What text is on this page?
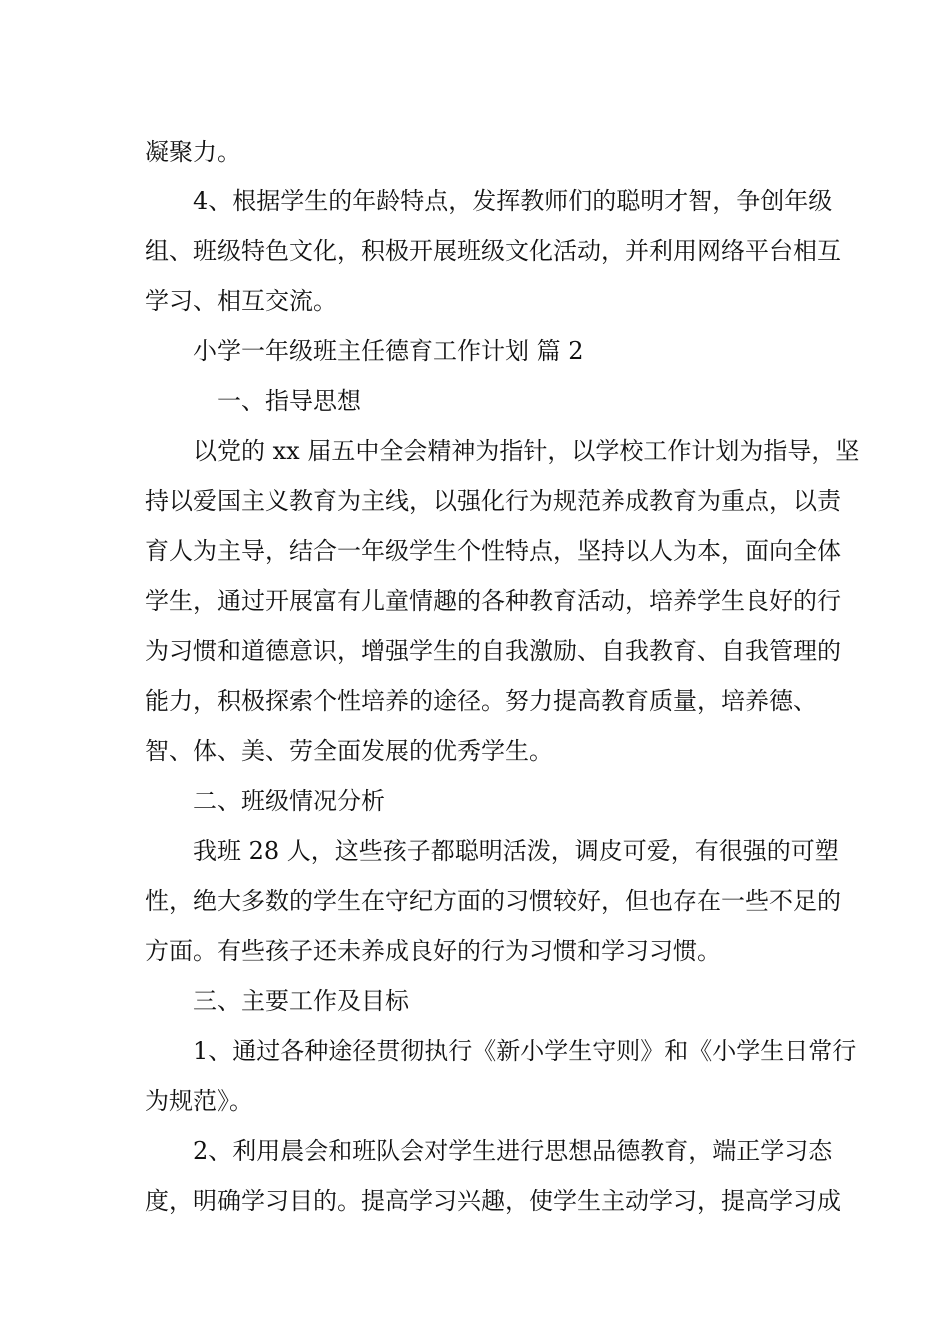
凝聚力。
4、根据学生的年龄特点，发挥教师们的聪明才智，争创年级
组、班级特色文化，积极开展班级文化活动，并利用网络平台相互
学习、相互交流。
小学一年级班主任德育工作计划 篇 2
一、指导思想
以党的 xx 届五中全会精神为指针，以学校工作计划为指导，坚
持以爱国主义教育为主线，以强化行为规范养成教育为重点，以责
育人为主导，结合一年级学生个性特点，坚持以人为本，面向全体
学生，通过开展富有儿童情趣的各种教育活动，培养学生良好的行
为习惯和道德意识，增强学生的自我激励、自我教育、自我管理的
能力，积极探索个性培养的途径。努力提高教育质量，培养德、
智、体、美、劳全面发展的优秀学生。
二、班级情况分析
我班 28 人，这些孩子都聪明活泼，调皮可爱，有很强的可塑
性，绝大多数的学生在守纪方面的习惯较好，但也存在一些不足的
方面。有些孩子还未养成良好的行为习惯和学习习惯。
三、主要工作及目标
1、通过各种途径贯彻执行《新小学生守则》和《小学生日常行
为规范》。
2、利用晨会和班队会对学生进行思想品德教育，端正学习态
度，明确学习目的。提高学习兴趣，使学生主动学习，提高学习成
